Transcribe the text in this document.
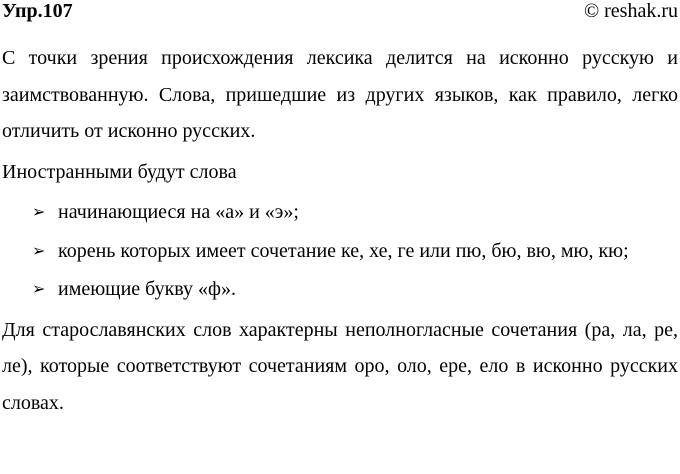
Упр.107	© reshak.ru

С точки зрения происхождения лексика делится на исконно русскую и заимствованную. Слова, пришедшие из других языков, как правило, легко отличить от исконно русских.

Иностранными будут слова

➢ начинающиеся на «а» и «э»;
➢ корень которых имеет сочетание ке, хе, ге или пю, бю, вю, мю, кю;
➢ имеющие букву «ф».

Для старославянских слов характерны неполногласные сочетания (ра, ла, ре, ле), которые соответствуют сочетаниям оро, оло, ере, ело в исконно русских словах.
